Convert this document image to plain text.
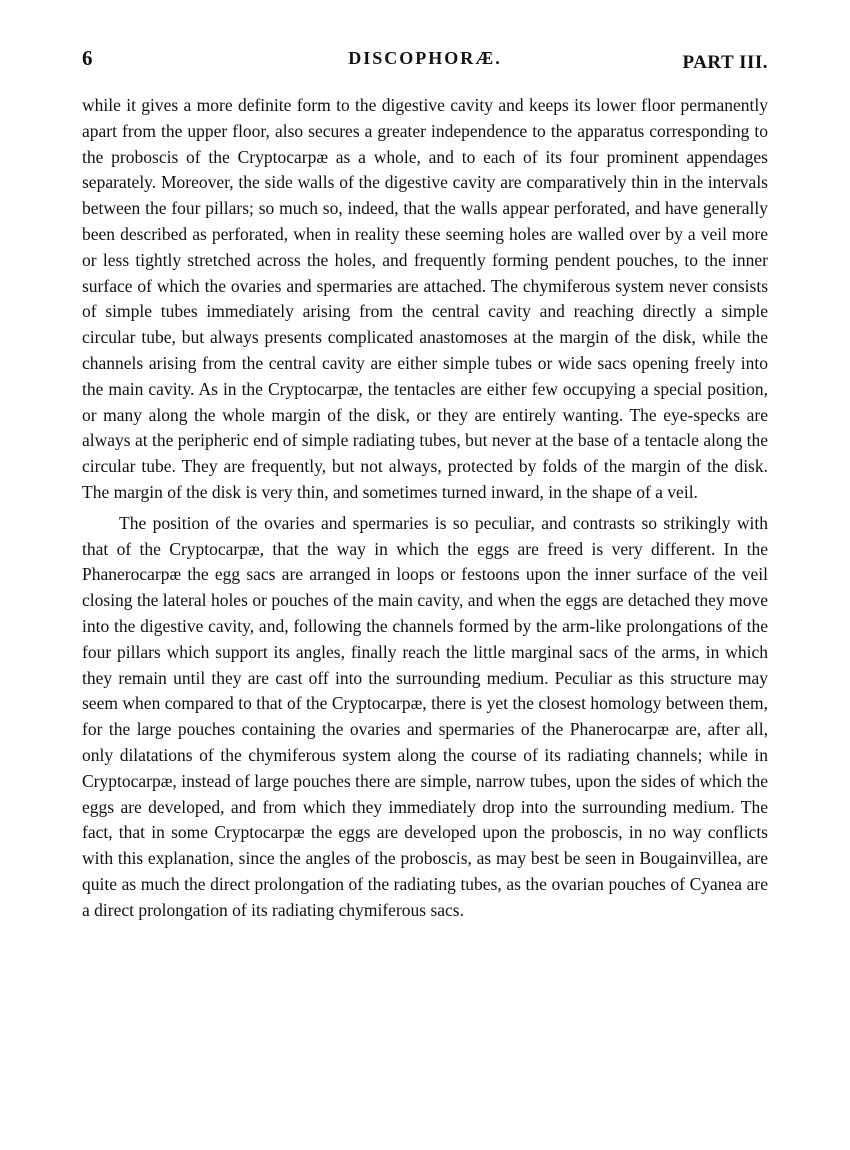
6	DISCOPHORÆ.	PART III.

while it gives a more definite form to the digestive cavity and keeps its lower floor permanently apart from the upper floor, also secures a greater independence to the apparatus corresponding to the proboscis of the Cryptocarpæ as a whole, and to each of its four prominent appendages separately. Moreover, the side walls of the digestive cavity are comparatively thin in the intervals between the four pillars; so much so, indeed, that the walls appear perforated, and have generally been described as perforated, when in reality these seeming holes are walled over by a veil more or less tightly stretched across the holes, and frequently forming pendent pouches, to the inner surface of which the ovaries and spermaries are attached. The chymiferous system never consists of simple tubes immediately arising from the central cavity and reaching directly a simple circular tube, but always presents complicated anastomoses at the margin of the disk, while the channels arising from the central cavity are either simple tubes or wide sacs opening freely into the main cavity. As in the Cryptocarpæ, the tentacles are either few occupying a special position, or many along the whole margin of the disk, or they are entirely wanting. The eye-specks are always at the peripheric end of simple radiating tubes, but never at the base of a tentacle along the circular tube. They are frequently, but not always, protected by folds of the margin of the disk. The margin of the disk is very thin, and sometimes turned inward, in the shape of a veil.

The position of the ovaries and spermaries is so peculiar, and contrasts so strikingly with that of the Cryptocarpæ, that the way in which the eggs are freed is very different. In the Phanerocarpæ the egg sacs are arranged in loops or festoons upon the inner surface of the veil closing the lateral holes or pouches of the main cavity, and when the eggs are detached they move into the digestive cavity, and, following the channels formed by the arm-like prolongations of the four pillars which support its angles, finally reach the little marginal sacs of the arms, in which they remain until they are cast off into the surrounding medium. Peculiar as this structure may seem when compared to that of the Cryptocarpæ, there is yet the closest homology between them, for the large pouches containing the ovaries and spermaries of the Phanerocarpæ are, after all, only dilatations of the chymiferous system along the course of its radiating channels; while in Cryptocarpæ, instead of large pouches there are simple, narrow tubes, upon the sides of which the eggs are developed, and from which they immediately drop into the surrounding medium. The fact, that in some Cryptocarpæ the eggs are developed upon the proboscis, in no way conflicts with this explanation, since the angles of the proboscis, as may best be seen in Bougainvillea, are quite as much the direct prolongation of the radiating tubes, as the ovarian pouches of Cyanea are a direct prolongation of its radiating chymiferous sacs.
